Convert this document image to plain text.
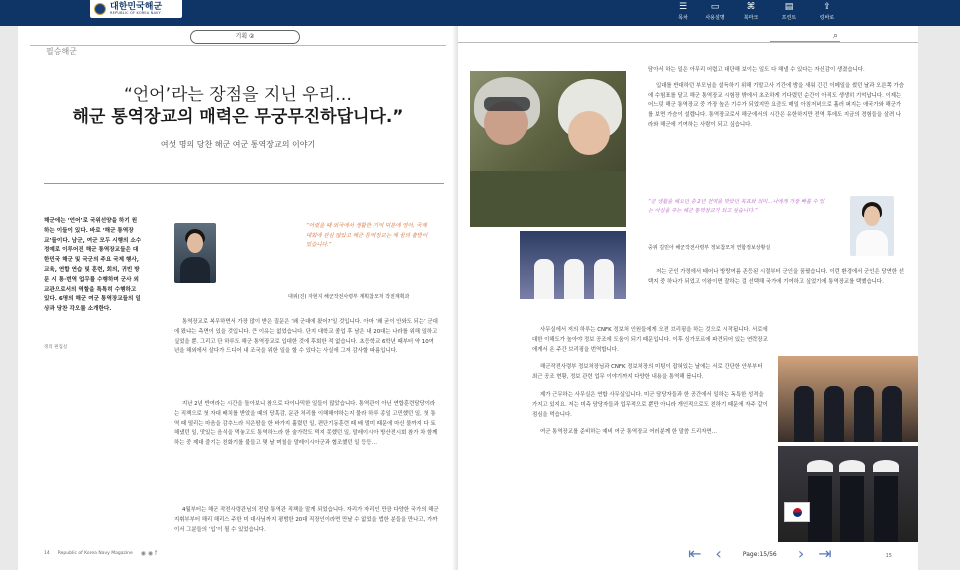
대한민국해군
REPUBLIC OF KOREA NAVY
☰
목차
▭
사용설명
⌘
북마크
▤
프린트
⇪
링바로
기획 ②
필승해군
“언어’라는 장점을 지닌 우리…
해군 통역장교의 매력은 무궁무진하답니다.”
여섯 명의 당찬 해군 여군 통역장교의 이야기
해군에는 ‘언어’로 국위선양을 하기 원하는 이들이 있다. 바로 ‘해군 통역장교’들이다. 남군, 여군 모두 시행의 소수정예로 이루어진 해군 통역장교들은 대한민국 해군 및 국군의 주요 국제 행사, 교육, 연합 연습 및 훈련, 회의, 귀빈 방문 시 통·번역 업무를 수행하며 군사 외교관으로서의 역할을 톡톡히 수행하고 있다. 6명의 해군 여군 통역장교들의 일상과 당찬 각오를 소개한다.
정리 편집실
“어렸을 때 외국에서 생활한 기억 덕분에 영어, 국제 대회에 관심 많았고 해군 통역장교는 제 꿈의 출발이었습니다.”
대위(진) 자현지 해군작전사령부 계획참모처 작전계획과
통역장교로 복무하면서 가장 많이 받은 질문은 ‘왜 군대에 왔어?’일 것입니다. 아마 ‘왜 굳이 안와도 되는’ 군대에 왔냐는 측면이 있을 것입니다. 큰 이유는 없었습니다. 단지 대학교 졸업 후 남은 내 20대는 나라를 위해 일하고 싶었을 뿐. 그리고 단 하루도 해군 통역장교로 입대한 것에 후회한 적 없습니다. 초등학교 6학년 때부터 약 10여 년을 해외에서 살다가 드디어 내 조국을 위한 일을 할 수 있다는 사실에 그저 감사할 따름입니다.
지난 2년 반여라는 시간을 돌아보니 참으로 다이나믹한 일들이 많았습니다. 통역관이 아닌 연합훈련담당이라는 직책으로 첫 자대 배치를 받았을 때의 당혹감, 문관 처리를 이해해야하는지 물라 하루 종일 고민했던 일, 첫 통역 때 떨리는 마음을 감추느라 식은땀을 한 바가지 흘렸던 일, 편단기동훈련 때 배 멀미 때문에 마신 물까지 다 토해냈던 일, 맛있는 음식을 먹놓고도 통역하느라 한 술가락도 먹지 못했던 일, 말레이시아 방산전시회 참가 차 함께하는 중 제대 즐기는 친화기를 불들고 몇 날 며칠을 말레이시아군과 협조했던 일 등등…
4월부터는 해군 작전사령관님의 전담 통역관 직책을 맡게 되었습니다. 자리가 자리인 만큼 다양한 국가의 해군 지휘부부터 해리 해리스 주한 미 대사님까지 평범한 20대 직장인이라면 만날 수 없었을 법한 분들을 만나고, 가까이서 그분들의 ‘입’이 될 수 있었습니다.
14 Republic of Korea Navy Magazine ◉ ◉ f
⌕

담아서 하는 일은 아무리 어렵고 대단해 보이는 일도 다 해낼 수 있다는 자신감이 생겼습니다.

입대를 반대하던 부모님을 설득하기 위해 기말고사 기간에 밤을 새워 긴긴 이메일을 썼던 날과 오른쪽 가슴에 수험표를 달고 해군 통역장교 시험장 밖에서 초조하게 기다렸던 순간이 아직도 생생히 기억납니다. 이제는 어느덧 해군 통역장교 중 가장 높은 기수가 되었지만 요즘도 매일 아침저녁으로 흘러 퍼지는 애국가와 해군가를 보면 가슴이 설렙니다. 통역장교로서 해군에서의 시간은 유한하지만 전역 후에도 지금의 경험들을 살려 나라와 해군에 기여하는 사람이 되고 싶습니다.

“군 생활을 해오던 중 2년 전역을 맞았던 목표와 의미…나에게 가장 빠를 수 있는 사실을 주는 해군 통역장교가 되고 싶습니다.”
중위 김민아 해군작전사령부 정보참모처 연합정보상황실
저는 군인 가정에서 태어나 방랑여름 존등된 시절부터 군인을 꿈꿨습니다. 이런 환경에서 군인은 당연한 선택지 중 하나가 되었고 이왕이면 잘하는 걸 선택해 국가에 기여하고 싶었기에 통역장교를 택했습니다.

사무실에서 저의 하루는 CNFK 정보처 인원들에게 오전 브리핑을 하는 것으로 시작됩니다. 서로에 대한 이해도가 높아야 정보 공조에 도움이 되기 때문입니다. 이후 싱가포르에 파견되어 있는 연락장교에게서 온 주간 브리핑을 번역합니다.

해군작전사령부 정보처장님과 CNFK 정보처장의 미팅이 잡혀있는 날에는 서로 간단한 안부부터 최근 공조 현황, 정보 관련 업무 이야기까지 다양한 내용을 통역해 봅니다.

제가 근무하는 사무실은 연합 사무실입니다. 미군 담당자들과 한 공간에서 일하는 독특한 성격을 가지고 있지요. 저는 미측 담당자들과 업무적으로 뿐만 아니라 개인적으로도 친하기 때문에 자주 같이 점심을 먹습니다.

여군 통역장교를 준비하는 예비 여군 통역장교 여러분께 한 말씀 드리자면…

⇤ ‹	Page:15/56	› ⇥	15
